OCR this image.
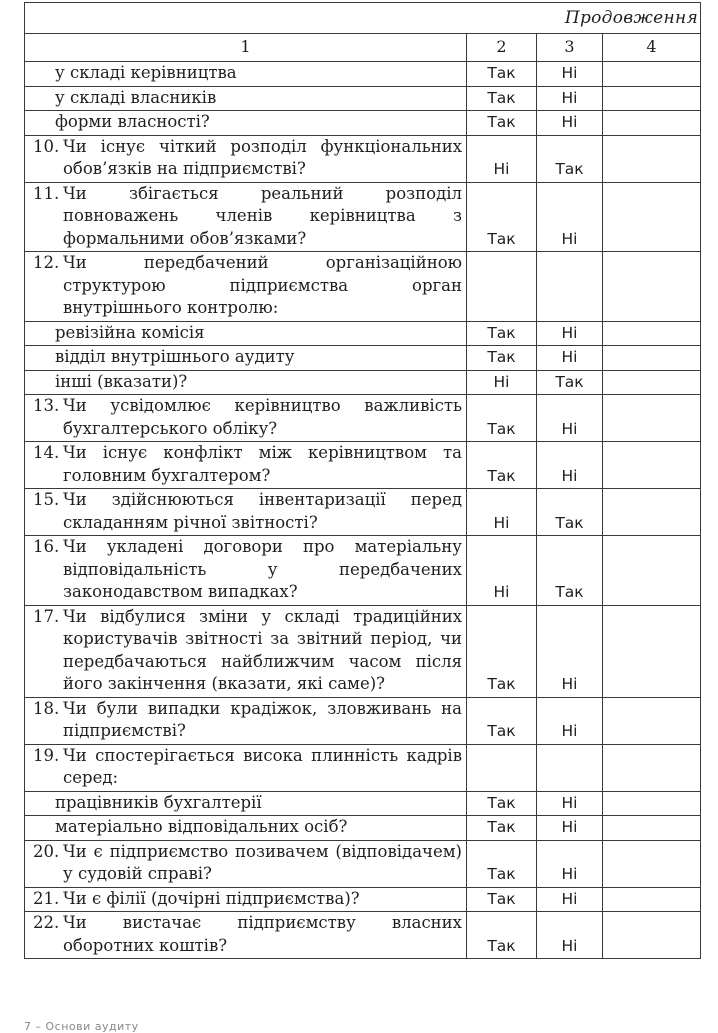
Продовження			
1	2	3	4
у складі керівництва	Так	Ні	
у складі власників	Так	Ні	
форми власності?	Так	Ні	

10. Чи існує чіткий розподіл функціональних обов’язків на підприємстві?	Ні	Так	

11. Чи збігається реальний розподіл повноважень членів керівництва з формальними обов’язками?	Так	Ні	

12. Чи передбачений організаційною структурою підприємства орган внутрішнього контролю:			

ревізійна комісія	Так	Ні	
відділ внутрішнього аудиту	Так	Ні	
інші (вказати)?	Ні	Так	

13. Чи усвідомлює керівництво важливість бухгалтерського обліку?	Так	Ні	

14. Чи існує конфлікт між керівництвом та головним бухгалтером?	Так	Ні	

15. Чи здійснюються інвентаризації перед складанням річної звітності?	Ні	Так	

16. Чи укладені договори про матеріальну відповідальність у передбачених законодавством випадках?	Ні	Так	

17. Чи відбулися зміни у складі традиційних користувачів звітності за звітний період, чи передбачаються найближчим часом після його закінчення (вказати, які саме)?	Так	Ні	

18. Чи були випадки крадіжок, зловживань на підприємстві?	Так	Ні	

19. Чи спостерігається висока плинність кадрів серед:			

працівників бухгалтерії	Так	Ні	
матеріально відповідальних осіб?	Так	Ні	

20. Чи є підприємство позивачем (відповідачем) у судовій справі?	Так	Ні	

21. Чи є філії (дочірні підприємства)?	Так	Ні	

22. Чи вистачає підприємству власних оборотних коштів?	Так	Ні	
7 – Основи аудиту
